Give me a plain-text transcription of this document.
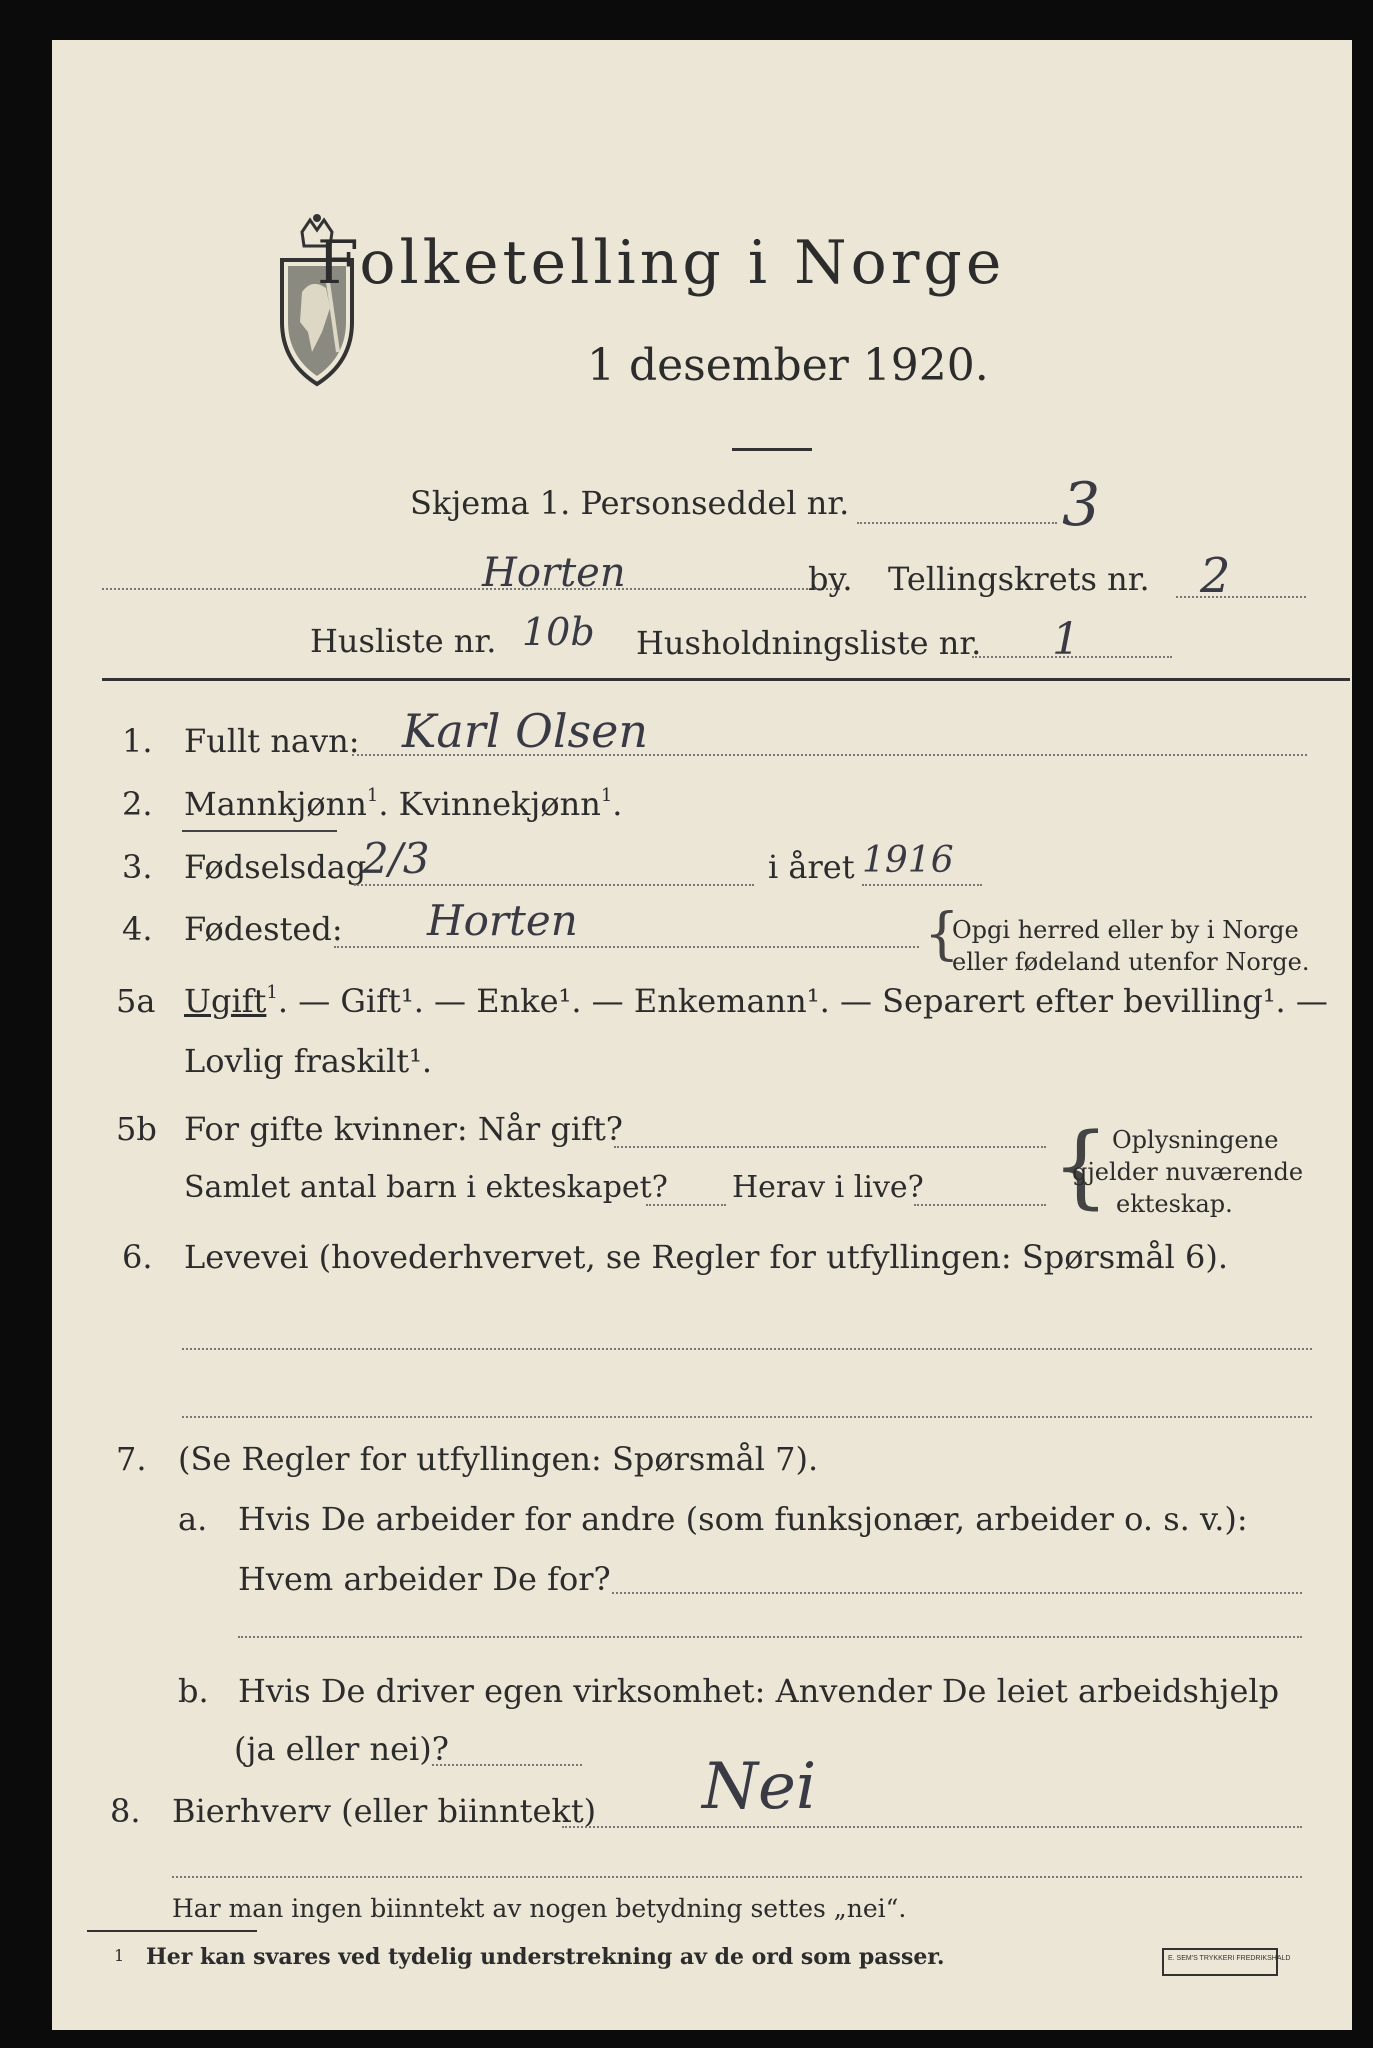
Folketelling i Norge
1 desember 1920.
Skjema 1. Personseddel nr.	3
Horten	by. Tellingskrets nr. 2
Husliste nr. 10b Husholdningsliste nr. 1
1. Fullt navn: Karl Olsen
2. Mannkjønn$^1$. Kvinnekjønn$^1$.
3. Fødselsdag
2/3	i året 1916
4. Fødested: Horten	{
Opgi herred eller by i Norge
eller fødeland utenfor Norge.
5a Ugift$^1$. — Gift¹. — Enke¹. — Enkemann¹. — Separert efter bevilling¹. —
Lovlig fraskilt¹.
5b For gifte kvinner: Når gift?
Samlet antal barn i ekteskapet? Herav i live? { Oplysningene
gjelder nuværende
ekteskap.
6. Levevei (hovederhvervet, se Regler for utfyllingen: Spørsmål 6).
7. (Se Regler for utfyllingen: Spørsmål 7).
a. Hvis De arbeider for andre (som funksjonær, arbeider o. s. v.):
Hvem arbeider De for?
b. Hvis De driver egen virksomhet: Anvender De leiet arbeidshjelp
(ja eller nei)?
8. Bierhverv (eller biinntekt) Nei
Har man ingen biinntekt av nogen betydning settes „nei“.
1 Her kan svares ved tydelig understrekning av de ord som passer.	E. SEM'S TRYKKERI FREDRIKSHALD
